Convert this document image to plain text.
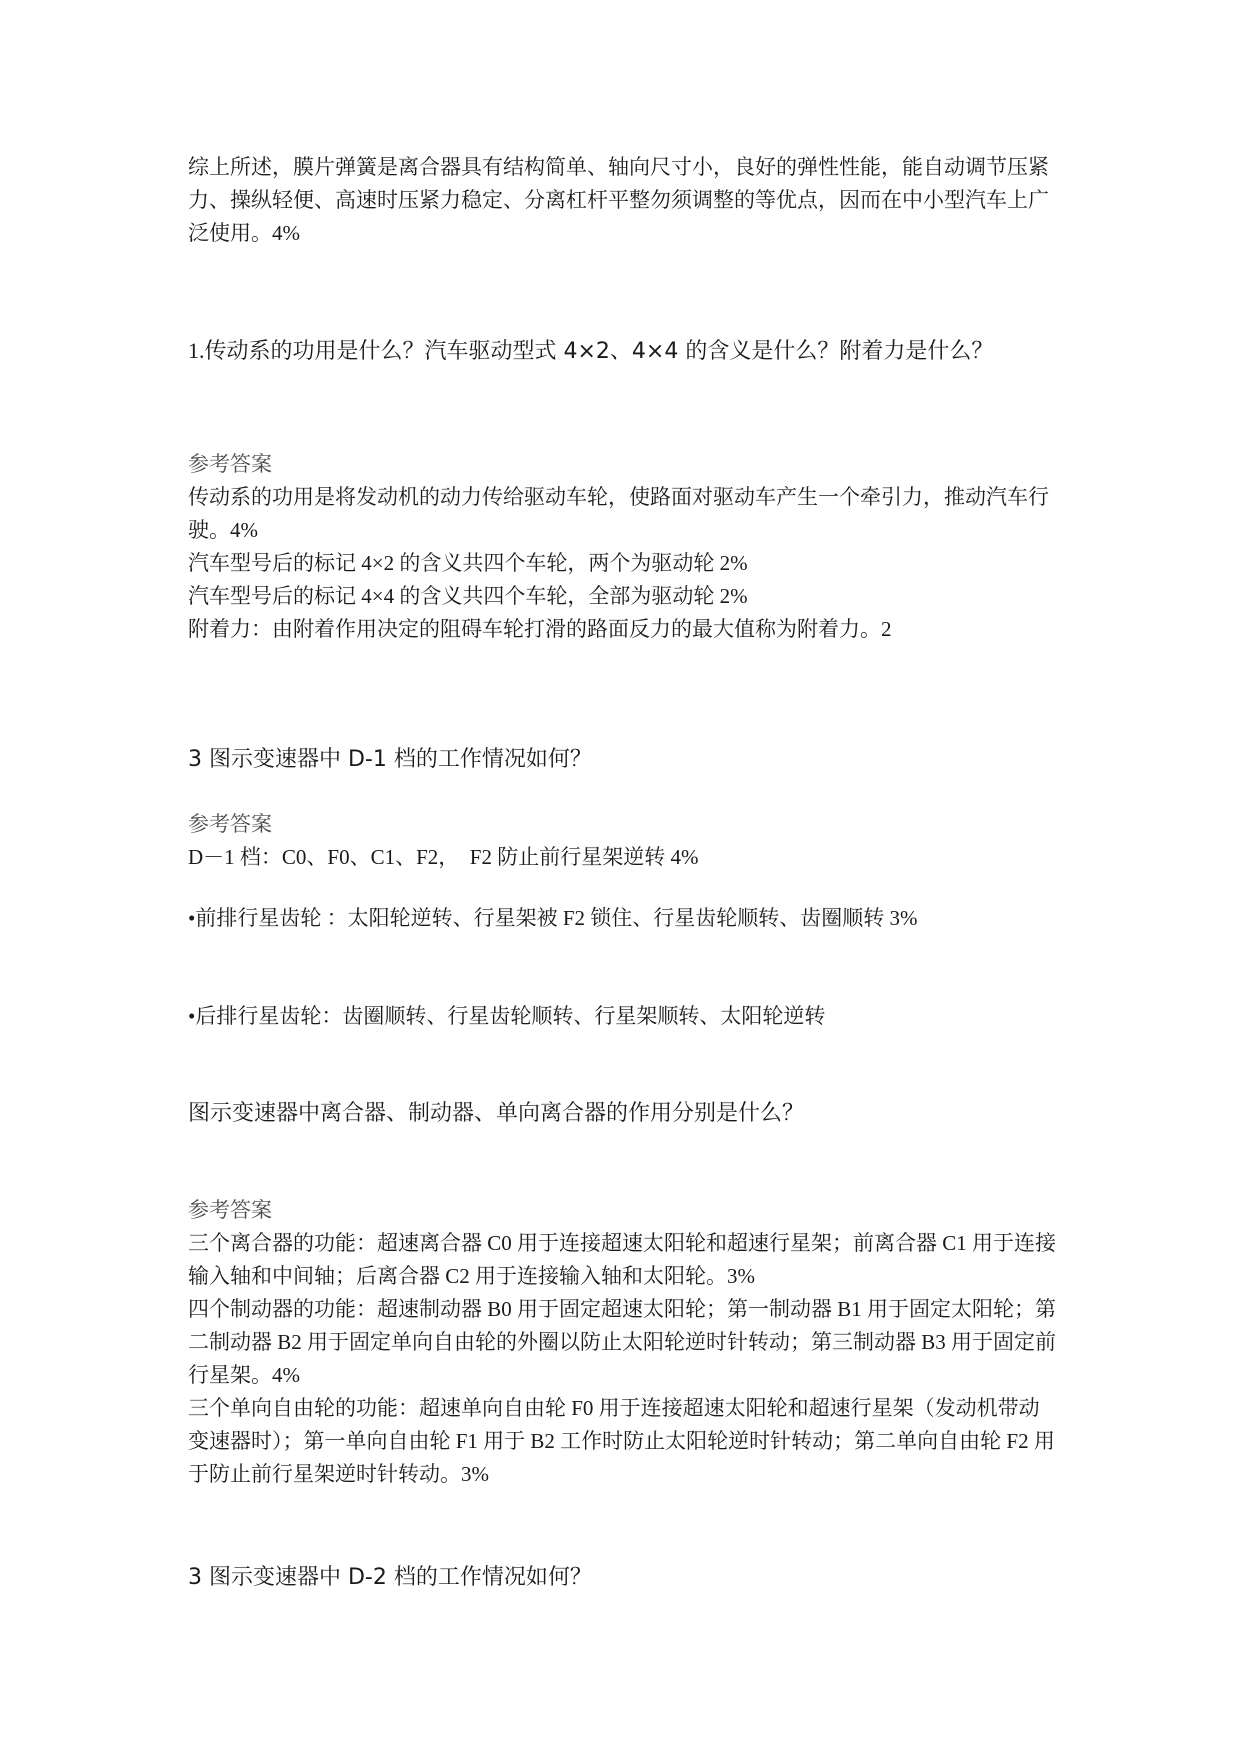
综上所述，膜片弹簧是离合器具有结构简单、轴向尺寸小，良好的弹性性能，能自动调节压紧力、操纵轻便、高速时压紧力稳定、分离杠杆平整勿须调整的等优点，因而在中小型汽车上广泛使用。4%

1.传动系的功用是什么？汽车驱动型式 4×2、4×4 的含义是什么？附着力是什么？

参考答案

传动系的功用是将发动机的动力传给驱动车轮，使路面对驱动车产生一个牵引力，推动汽车行驶。4%

汽车型号后的标记 4×2 的含义共四个车轮，两个为驱动轮 2%

汽车型号后的标记 4×4 的含义共四个车轮，全部为驱动轮 2%

附着力：由附着作用决定的阻碍车轮打滑的路面反力的最大值称为附着力。2

3 图示变速器中 D-1 档的工作情况如何？

参考答案

D－1 档：C0、F0、C1、F2，　F2 防止前行星架逆转 4%

•前排行星齿轮 ：太阳轮逆转、行星架被 F2 锁住、行星齿轮顺转、齿圈顺转 3%

•后排行星齿轮：齿圈顺转、行星齿轮顺转、行星架顺转、太阳轮逆转

图示变速器中离合器、制动器、单向离合器的作用分别是什么？

参考答案

三个离合器的功能：超速离合器 C0 用于连接超速太阳轮和超速行星架；前离合器 C1 用于连接输入轴和中间轴；后离合器 C2 用于连接输入轴和太阳轮。3%

四个制动器的功能：超速制动器 B0 用于固定超速太阳轮；第一制动器 B1 用于固定太阳轮；第二制动器 B2 用于固定单向自由轮的外圈以防止太阳轮逆时针转动；第三制动器 B3 用于固定前行星架。4%

三个单向自由轮的功能：超速单向自由轮 F0 用于连接超速太阳轮和超速行星架（发动机带动变速器时）；第一单向自由轮 F1 用于 B2 工作时防止太阳轮逆时针转动；第二单向自由轮 F2 用于防止前行星架逆时针转动。3%

3 图示变速器中 D-2 档的工作情况如何？
